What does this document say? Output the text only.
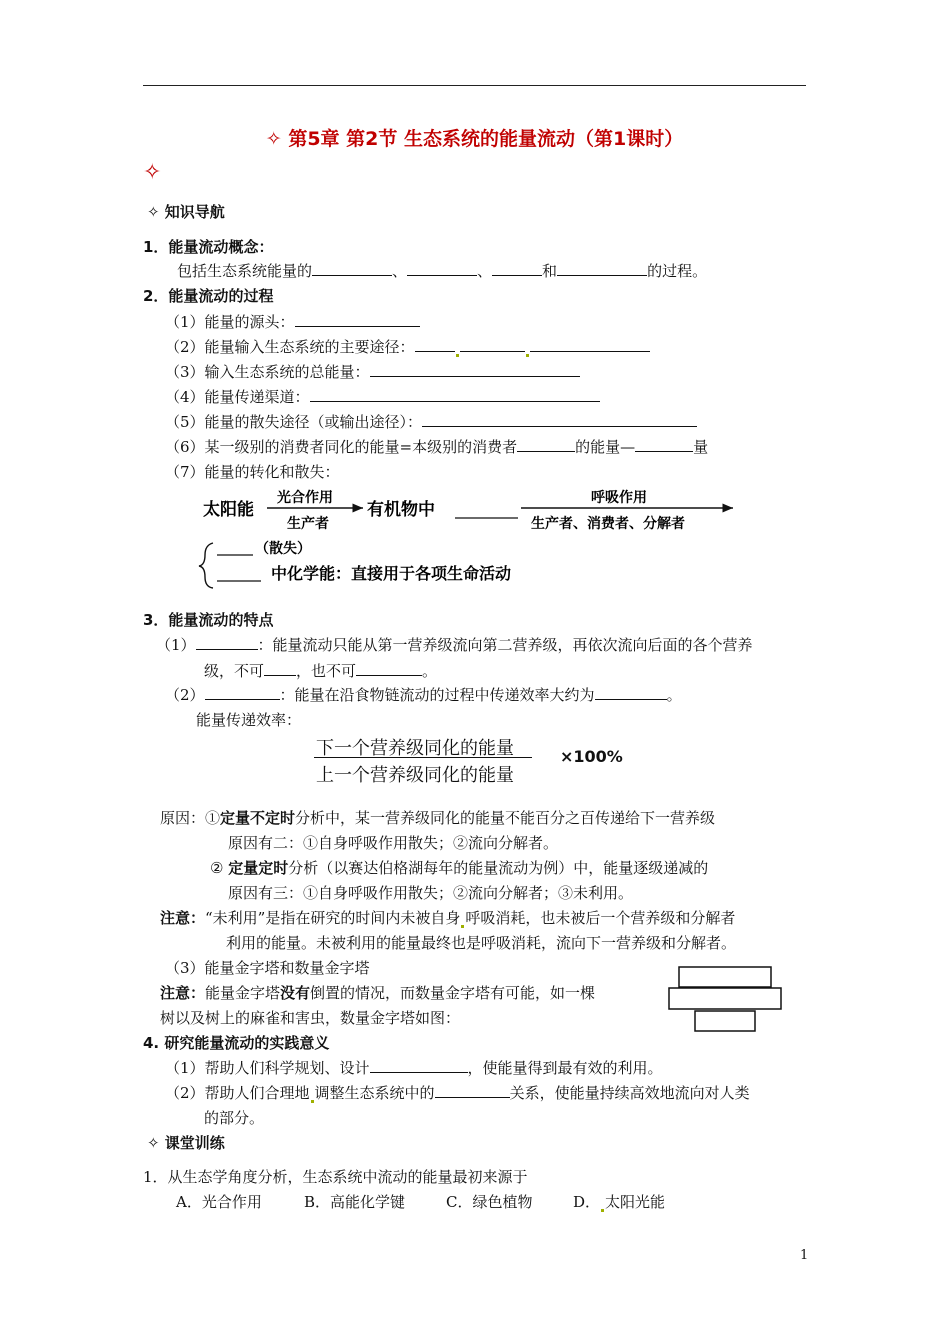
✧ 第5章 第2节 生态系统的能量流动（第1课时）
✧
✧ 知识导航
1．能量流动概念：
包括生态系统能量的	、	、	和	的过程。
2．能量流动的过程
（1）能量的源头：
（2）能量输入生态系统的主要途径：
（3）输入生态系统的总能量：
（4）能量传递渠道：
（5）能量的散失途径（或输出途径）：
（6）某一级别的消费者同化的能量=本级别的消费者	的能量—	量
（7）能量的转化和散失：
太阳能
光合作用
生产者
有机物中
呼吸作用
生产者、消费者、分解者
（散失）
中化学能：直接用于各项生命活动
3．能量流动的特点
（1）	：能量流动只能从第一营养级流向第二营养级，再依次流向后面的各个营养
级，不可 ，也不可	。
（2）	：能量在沿食物链流动的过程中传递效率大约为	。
能量传递效率：
下一个营养级同化的能量
上一个营养级同化的能量
×100%
原因：①定量不定时分析中，某一营养级同化的能量不能百分之百传递给下一营养级
原因有二：①自身呼吸作用散失；②流向分解者。
② 定量定时分析（以赛达伯格湖每年的能量流动为例）中，能量逐级递减的
原因有三：①自身呼吸作用散失；②流向分解者；③未利用。
注意：“未利用”是指在研究的时间内未被自身 呼吸消耗，也未被后一个营养级和分解者
利用的能量。未被利用的能量最终也是呼吸消耗，流向下一营养级和分解者。
（3）能量金字塔和数量金字塔
注意：能量金字塔没有倒置的情况，而数量金字塔有可能，如一棵
树以及树上的麻雀和害虫，数量金字塔如图：
4. 研究能量流动的实践意义
（1）帮助人们科学规划、设计	，使能量得到最有效的利用。
（2）帮助人们合理地 调整生态系统中的	关系，使能量持续高效地流向对人类
的部分。
✧ 课堂训练
1．从生态学角度分析，生态系统中流动的能量最初来源于
A．光合作用	B．高能化学键	C．绿色植物	D． 太阳光能
1
